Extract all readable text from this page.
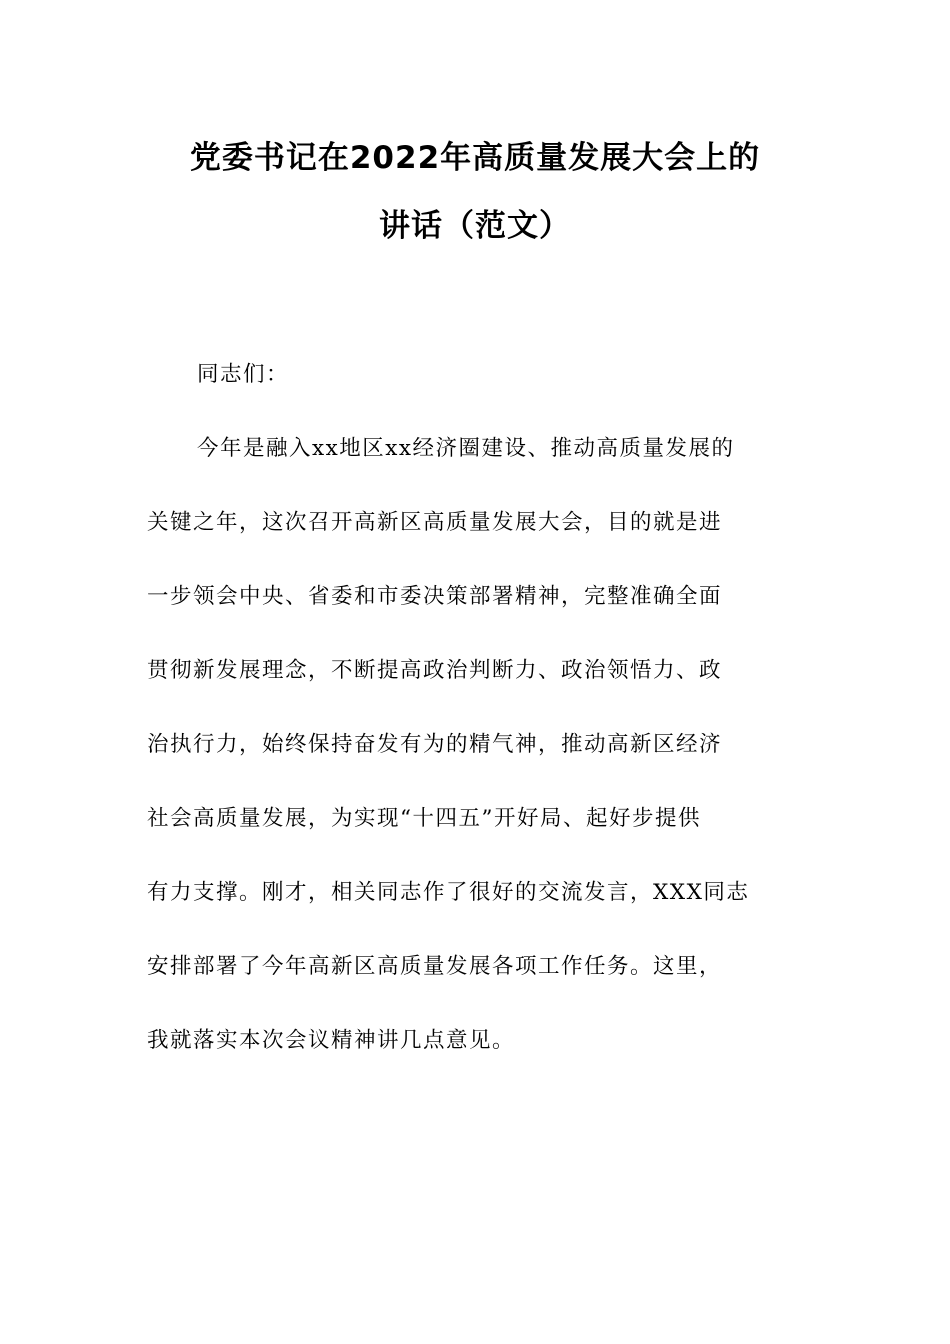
党委书记在2022年高质量发展大会上的
讲话（范文）
同志们：
今年是融入xx地区xx经济圈建设、推动高质量发展的
关键之年，这次召开高新区高质量发展大会，目的就是进
一步领会中央、省委和市委决策部署精神，完整准确全面
贯彻新发展理念，不断提高政治判断力、政治领悟力、政
治执行力，始终保持奋发有为的精气神，推动高新区经济
社会高质量发展，为实现“十四五”开好局、起好步提供
有力支撑。刚才，相关同志作了很好的交流发言，XXX同志
安排部署了今年高新区高质量发展各项工作任务。这里，
我就落实本次会议精神讲几点意见。
